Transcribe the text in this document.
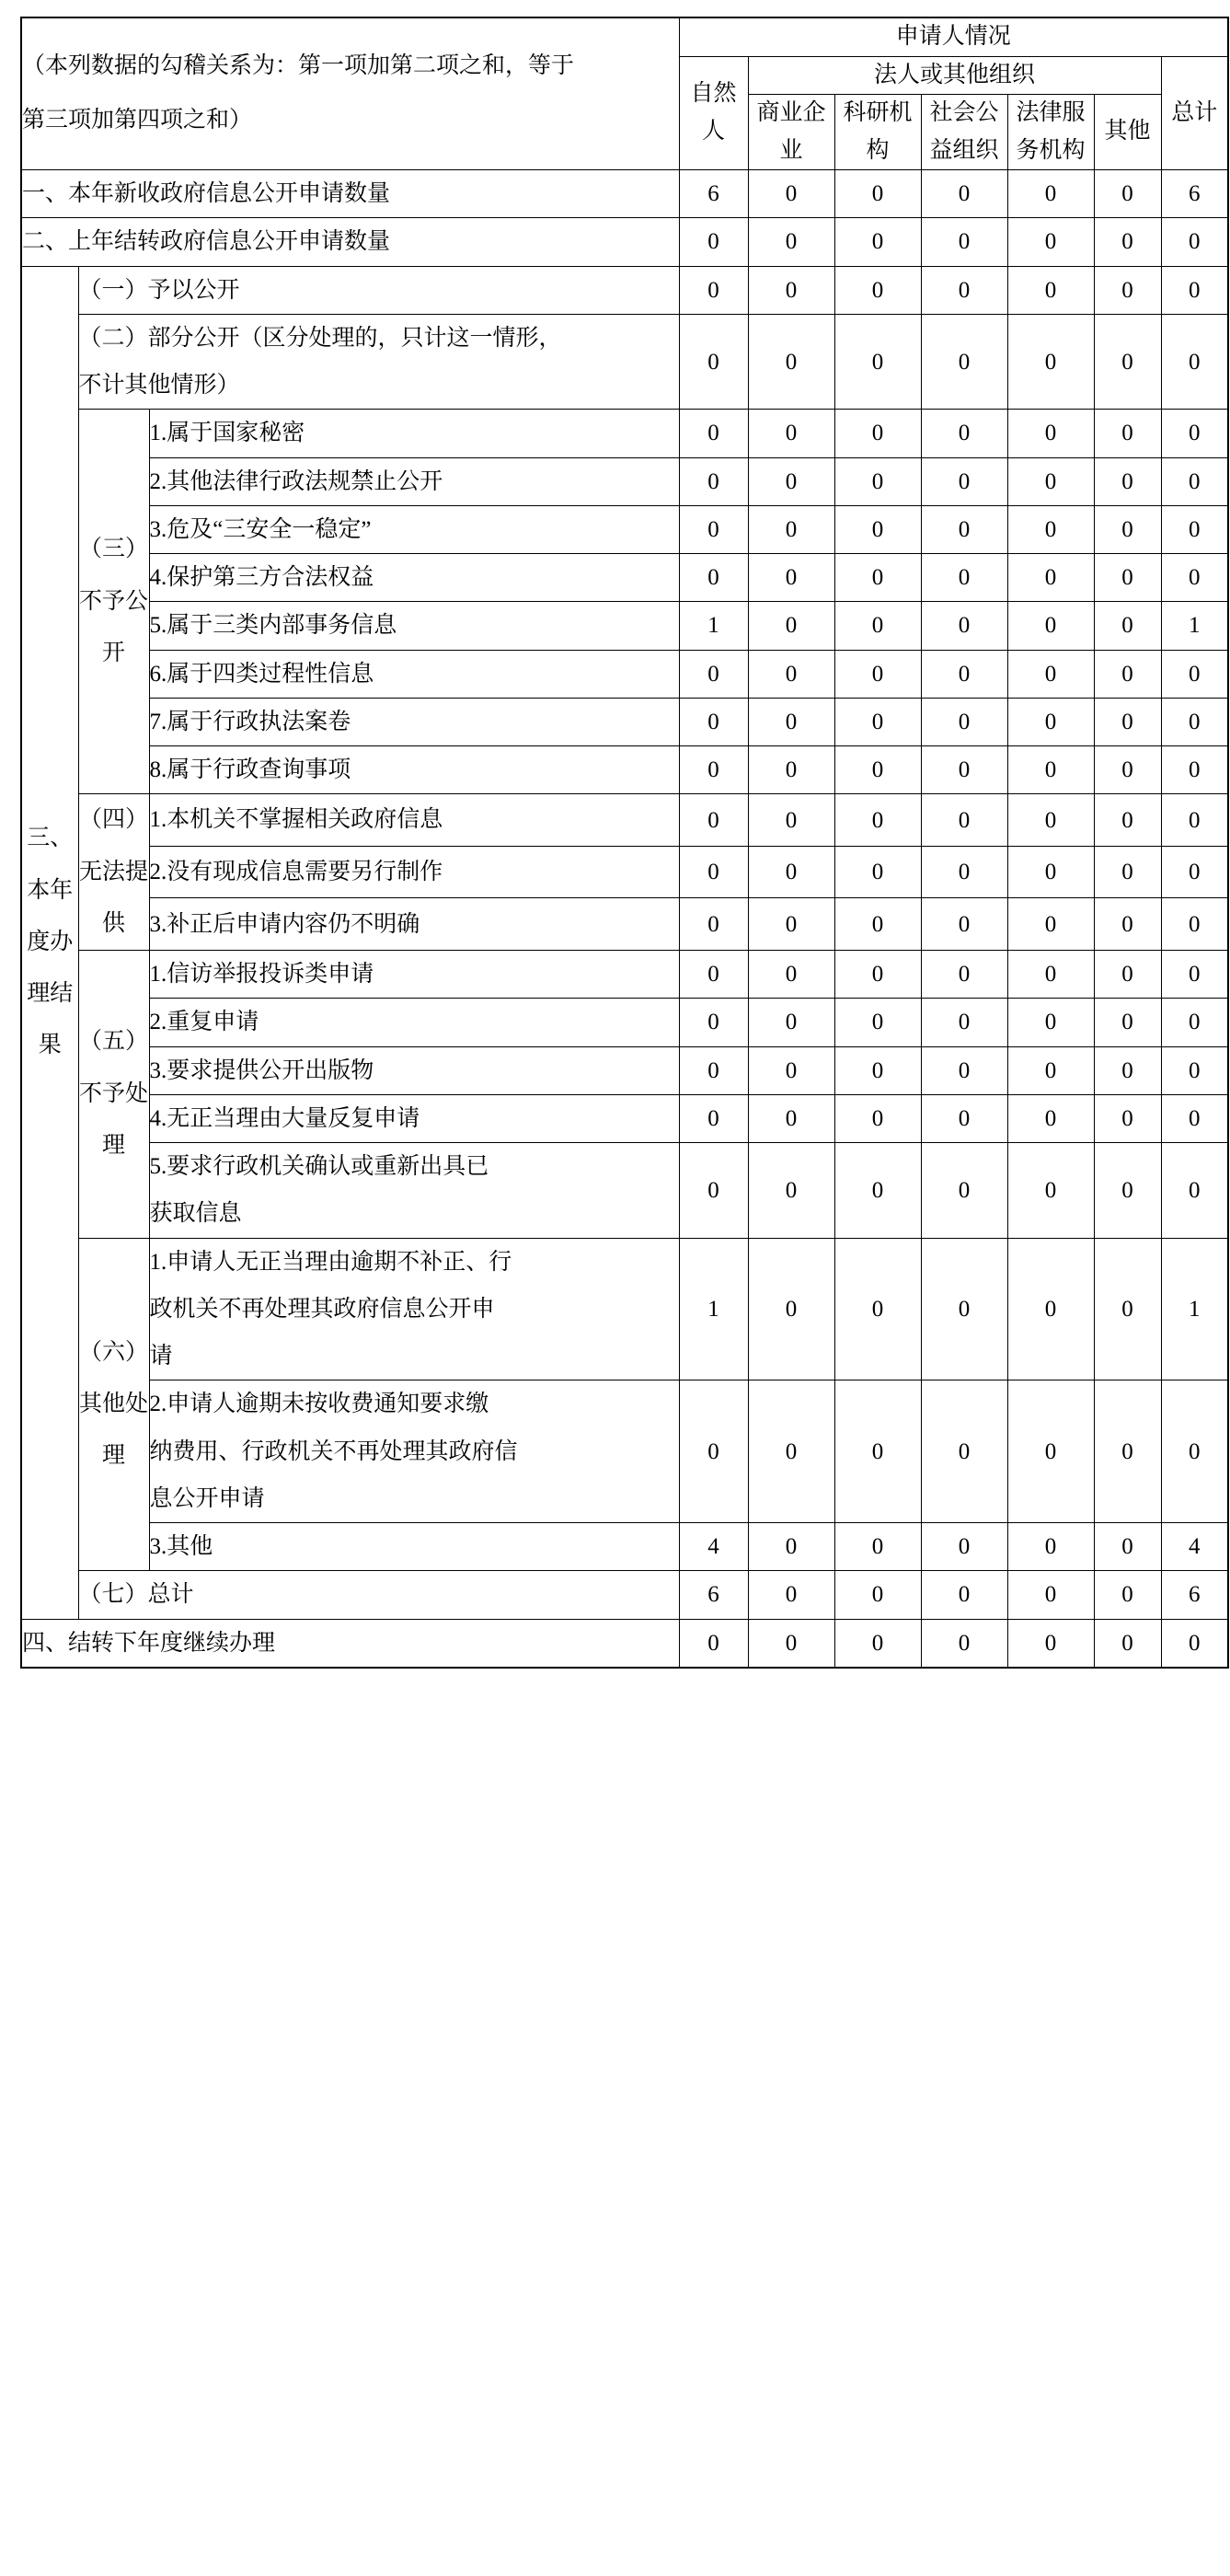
（本列数据的勾稽关系为：第一项加第二项之和，等于

第三项加第四项之和）			申请人情况						
			自然人	法人或其他组织					总计
				商业企业	科研机构	社会公益组织	法律服务机构	其他	
一、本年新收政府信息公开申请数量			6	0	0	0	0	0	6
二、上年结转政府信息公开申请数量			0	0	0	0	0	0	0
三、本年度办理结果	（一）予以公开		0	0	0	0	0	0	0

	（二）部分公开（区分处理的，只计这一情形，
不计其他情形）		0	0	0	0	0	0	0
	（三）不予公开	1.属于国家秘密	0	0	0	0	0	0	0
		2.其他法律行政法规禁止公开	0	0	0	0	0	0	0
		3.危及“三安全一稳定”	0	0	0	0	0	0	0
		4.保护第三方合法权益	0	0	0	0	0	0	0
		5.属于三类内部事务信息	1	0	0	0	0	0	1
		6.属于四类过程性信息	0	0	0	0	0	0	0
		7.属于行政执法案卷	0	0	0	0	0	0	0
		8.属于行政查询事项	0	0	0	0	0	0	0
	（四）无法提供	1.本机关不掌握相关政府信息	0	0	0	0	0	0	0
		2.没有现成信息需要另行制作	0	0	0	0	0	0	0
		3.补正后申请内容仍不明确	0	0	0	0	0	0	0
	（五）不予处理	1.信访举报投诉类申请	0	0	0	0	0	0	0
		2.重复申请	0	0	0	0	0	0	0
		3.要求提供公开出版物	0	0	0	0	0	0	0
		4.无正当理由大量反复申请	0	0	0	0	0	0	0

		5.要求行政机关确认或重新出具已
获取信息	0	0	0	0	0	0	0
	（六）其他处理	1.申请人无正当理由逾期不补正、行
政机关不再处理其政府信息公开申
请	1	0	0	0	0	0	1

		2.申请人逾期未按收费通知要求缴
纳费用、行政机关不再处理其政府信
息公开申请	0	0	0	0	0	0	0
		3.其他	4	0	0	0	0	0	4
	（七）总计		6	0	0	0	0	0	6
四、结转下年度继续办理			0	0	0	0	0	0	0
